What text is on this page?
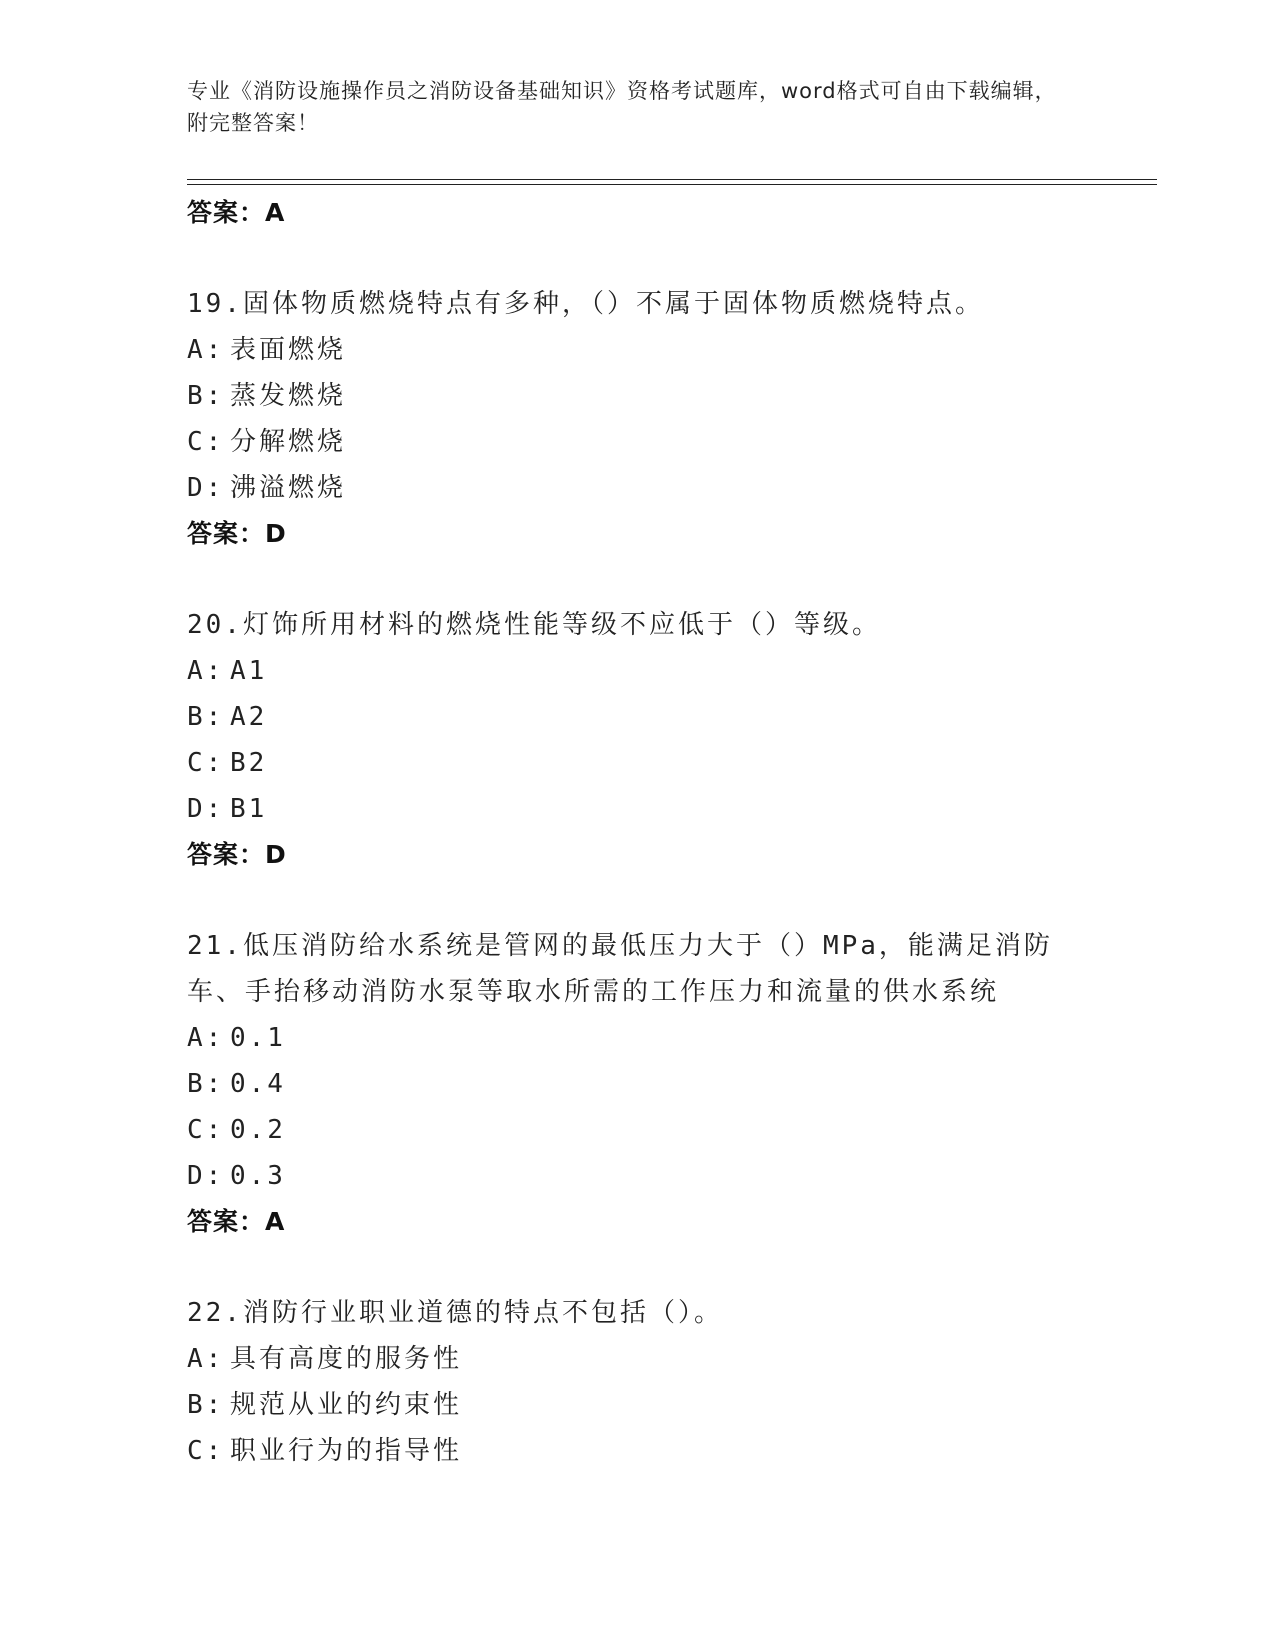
专业《消防设施操作员之消防设备基础知识》资格考试题库，word格式可自由下载编辑，附完整答案！
答案：A
19.固体物质燃烧特点有多种，（）不属于固体物质燃烧特点。
A: 表面燃烧
B: 蒸发燃烧
C: 分解燃烧
D: 沸溢燃烧
答案：D
20.灯饰所用材料的燃烧性能等级不应低于（）等级。
A: A1
B: A2
C: B2
D: B1
答案：D
21.低压消防给水系统是管网的最低压力大于（）MPa，能满足消防车、手抬移动消防水泵等取水所需的工作压力和流量的供水系统
A: 0.1
B: 0.4
C: 0.2
D: 0.3
答案：A
22.消防行业职业道德的特点不包括（）。
A: 具有高度的服务性
B: 规范从业的约束性
C: 职业行为的指导性
